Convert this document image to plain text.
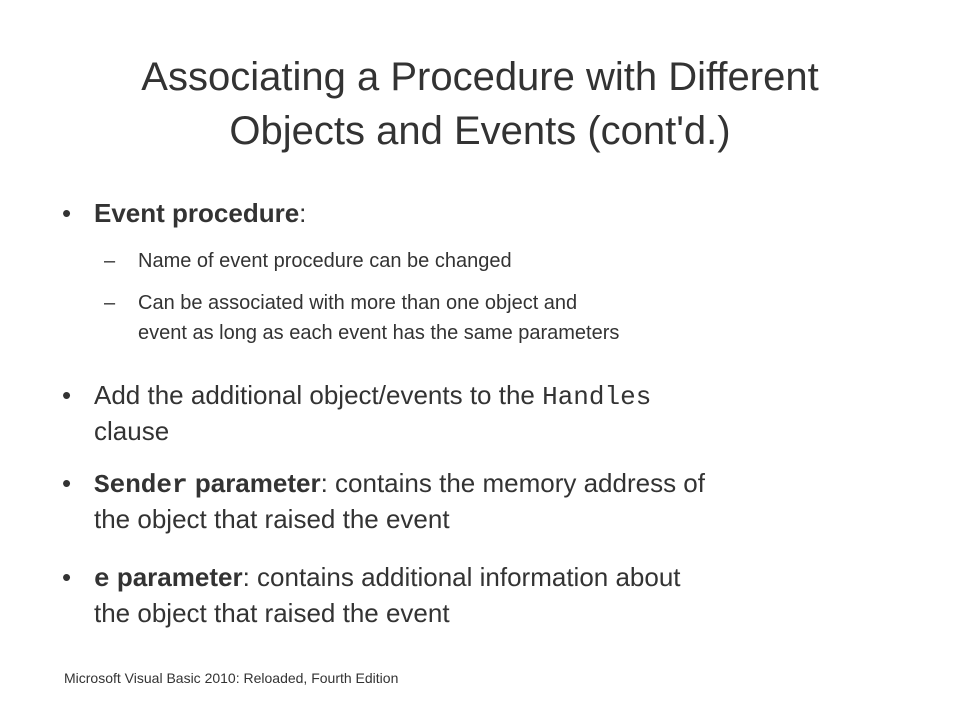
Associating a Procedure with Different
Objects and Events (cont'd.)
• Event procedure:
–	Name of event procedure can be changed
–	Can be associated with more than one object and
event as long as each event has the same parameters
• Add the additional object/events to the Handles
clause
• Sender parameter: contains the memory address of
the object that raised the event
• e parameter: contains additional information about
the object that raised the event
Microsoft Visual Basic 2010: Reloaded, Fourth Edition
